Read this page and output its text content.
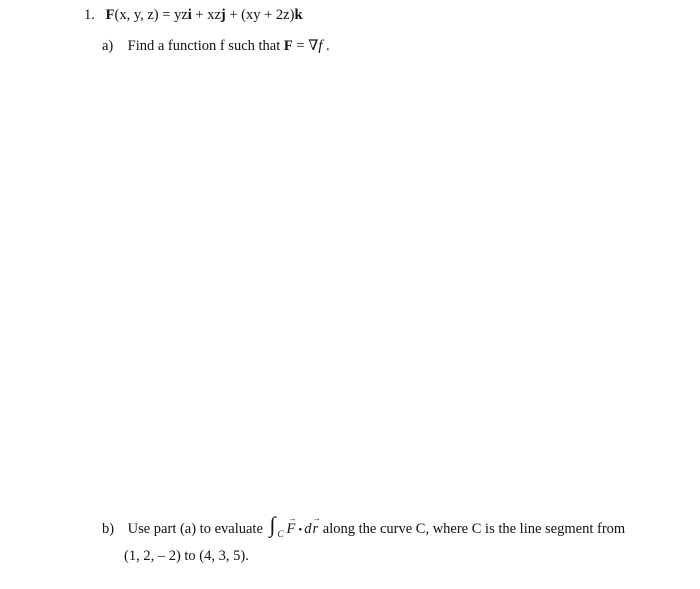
1. F(x, y, z) = yzi + xzj + (xy + 2z)k
a) Find a function f such that F = ∇f .
b) Use part (a) to evaluate ∫ C
→
F • d
→
r along the curve C, where C is the line segment from
(1, 2, – 2) to (4, 3, 5).
